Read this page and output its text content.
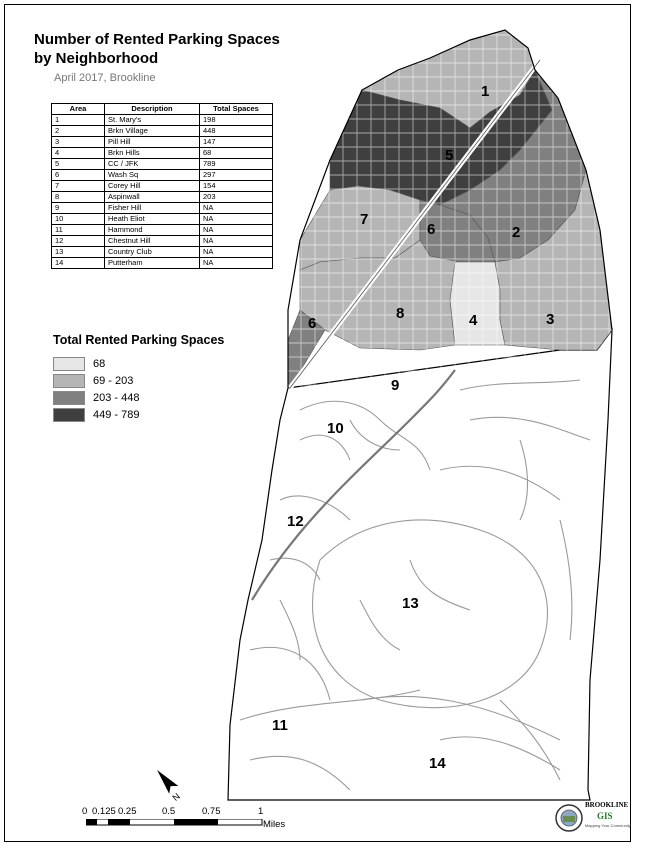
Number of Rented Parking Spaces
by Neighborhood
April 2017, Brookline
Area	Description	Total Spaces
1	St. Mary's	198
2	Brkn Village	448
3	Pill Hill	147
4	Brkn Hills	68
5	CC / JFK	789
6	Wash Sq	297
7	Corey Hill	154
8	Aspinwall	203
9	Fisher Hill	NA
10	Heath Eliot	NA
11	Hammond	NA
12	Chestnut Hill	NA
13	Country Club	NA
14	Putterham	NA
Total Rented Parking Spaces
68
69 - 203
203 - 448
449 - 789
1
2
3
4
5
6
6
7
8
9
10
11
12
13
14
N
0 0.125 0.25	0.5	0.75	1
Miles
BROOKLINE
GIS
Mapping Your Community
